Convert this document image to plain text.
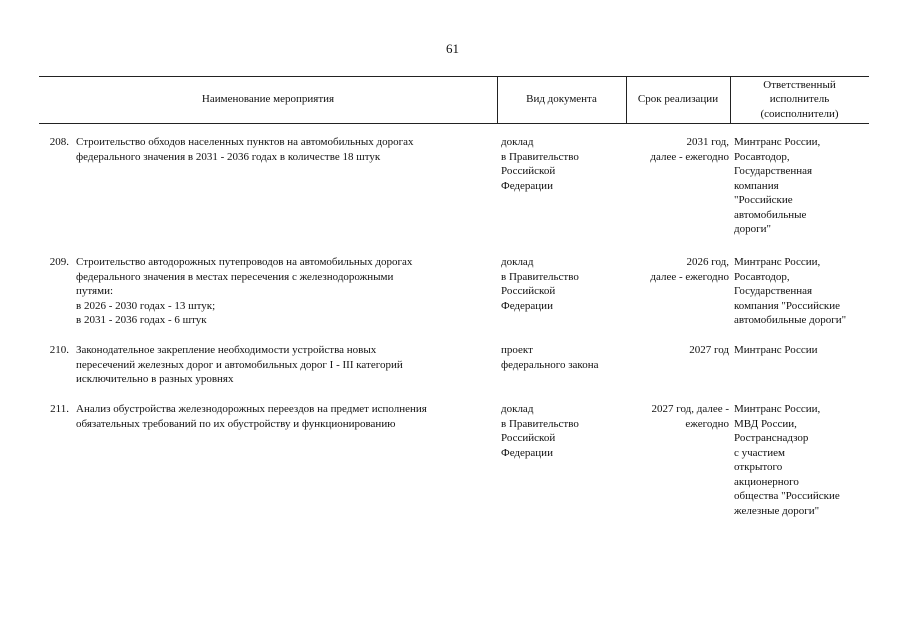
61
Наименование мероприятия	Вид документа	Срок реализации
Ответственный
исполнитель
(соисполнители)
208. Строительство обходов населенных пунктов на автомобильных дорогах
федерального значения в 2031 - 2036 годах в количестве 18 штук
доклад
в Правительство
Российской
Федерации
2031 год,
далее - ежегодно
Минтранс России,
Росавтодор,
Государственная
компания
"Российские
автомобильные
дороги"
209. Строительство автодорожных путепроводов на автомобильных дорогах
федерального значения в местах пересечения с железнодорожными
путями:
в 2026 - 2030 годах - 13 штук;
в 2031 - 2036 годах - 6 штук
доклад
в Правительство
Российской
Федерации
2026 год,
далее - ежегодно
Минтранс России,
Росавтодор,
Государственная
компания "Российские
автомобильные дороги"
210. Законодательное закрепление необходимости устройства новых
пересечений железных дорог и автомобильных дорог I - III категорий
исключительно в разных уровнях
проект
федерального закона
2027 год Минтранс России
211. Анализ обустройства железнодорожных переездов на предмет исполнения
обязательных требований по их обустройству и функционированию
доклад
в Правительство
Российской
Федерации
2027 год, далее -
ежегодно
Минтранс России,
МВД России,
Ространснадзор
с участием
открытого
акционерного
общества "Российские
железные дороги"
